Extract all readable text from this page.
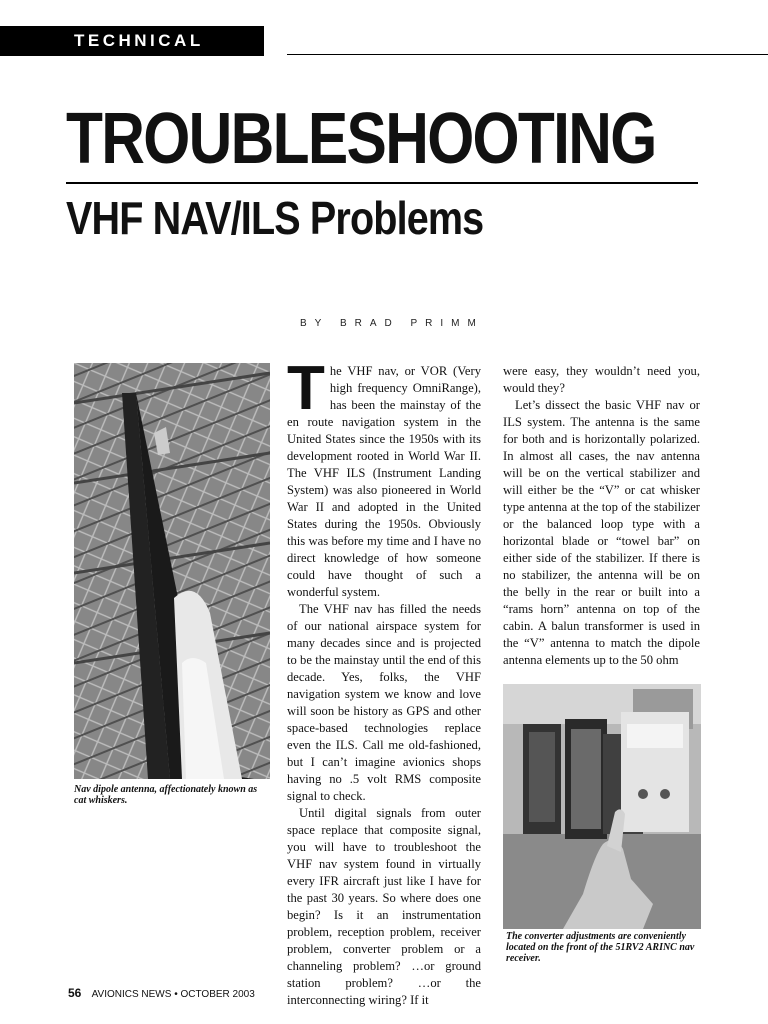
TECHNICAL
TROUBLESHOOTING
VHF NAV/ILS Problems
BY BRAD PRIMM
Nav dipole antenna, affectionately known as cat whiskers.

The VHF nav, or VOR (Very high frequency OmniRange), has been the mainstay of the en route navigation system in the United States since the 1950s with its development rooted in World War II. The VHF ILS (Instrument Landing System) was also pioneered in World War II and adopted in the United States during the 1950s. Obviously this was before my time and I have no direct knowledge of how someone could have thought of such a wonderful system.

The VHF nav has filled the needs of our national airspace system for many decades since and is projected to be the mainstay until the end of this decade. Yes, folks, the VHF navigation system we know and love will soon be history as GPS and other space-based technologies replace even the ILS. Call me old-fashioned, but I can’t imagine avionics shops having no .5 volt RMS composite signal to check.

Until digital signals from outer space replace that composite signal, you will have to troubleshoot the VHF nav system found in virtually every IFR aircraft just like I have for the past 30 years. So where does one begin? Is it an instrumentation problem, reception problem, receiver problem, converter problem or a channeling problem? …or ground station problem? …or the interconnecting wiring? If it

were easy, they wouldn’t need you, would they?

Let’s dissect the basic VHF nav or ILS system. The antenna is the same for both and is horizontally polarized. In almost all cases, the nav antenna will be on the vertical stabilizer and will either be the “V” or cat whisker type antenna at the top of the stabilizer or the balanced loop type with a horizontal blade or “towel bar” on either side of the stabilizer. If there is no stabilizer, the antenna will be on the belly in the rear or built into a “rams horn” antenna on top of the cabin. A balun transformer is used in the “V” antenna to match the dipole antenna elements up to the 50 ohm

The converter adjustments are conveniently located on the front of the 51RV2 ARINC nav receiver.
56 AVIONICS NEWS • OCTOBER 2003
